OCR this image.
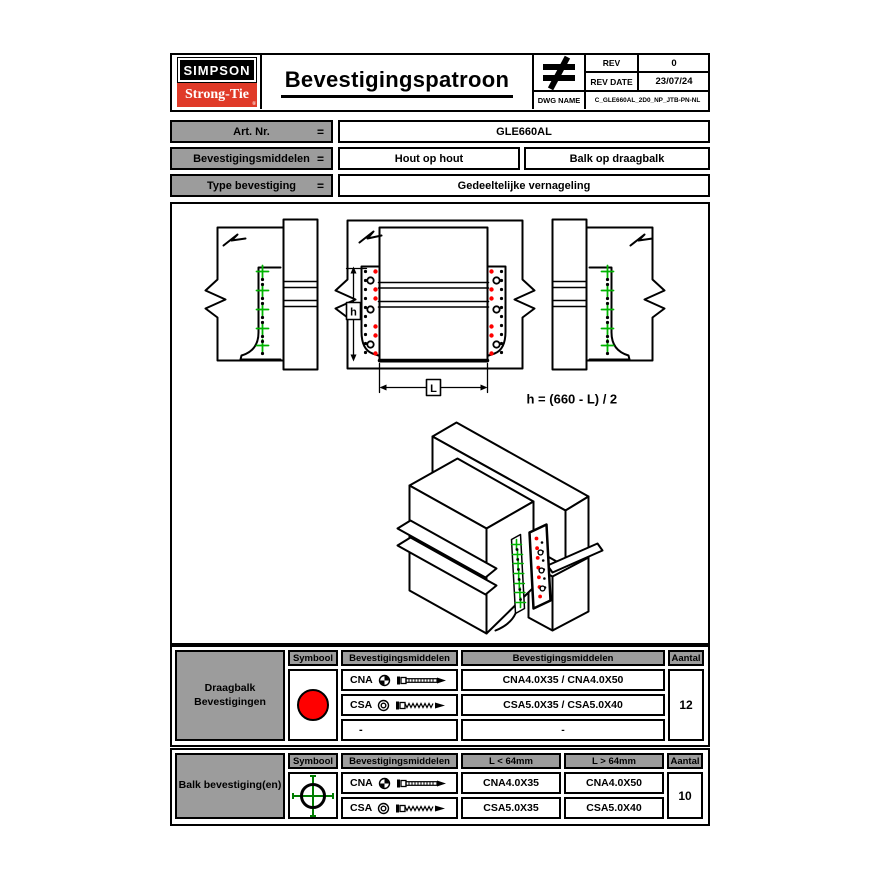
SIMPSON
Strong-Tie
®
Bevestigingspatroon
REV	0
REV DATE	23/07/24
DWG NAME	C_GLE660AL_2D0_NP_JTB-PN-NL
Art. Nr.	=	GLE660AL
Bevestigingsmiddelen =	Hout op hout	Balk op draagbalk
Type bevestiging =	Gedeeltelijke vernageling
h
L
h = (660 - L) / 2
Draagbalk Bevestigingen
Symbool	Bevestigingsmiddelen	Bevestigingsmiddelen	Aantal
CNA	CNA4.0X35 / CNA4.0X50
CSA	CSA5.0X35 / CSA5.0X40
-	-
12
Balk bevestiging(en)
Symbool	Bevestigingsmiddelen	L < 64mm	L > 64mm	Aantal
CNA	CNA4.0X35	CNA4.0X50
CSA	CSA5.0X35	CSA5.0X40
10
